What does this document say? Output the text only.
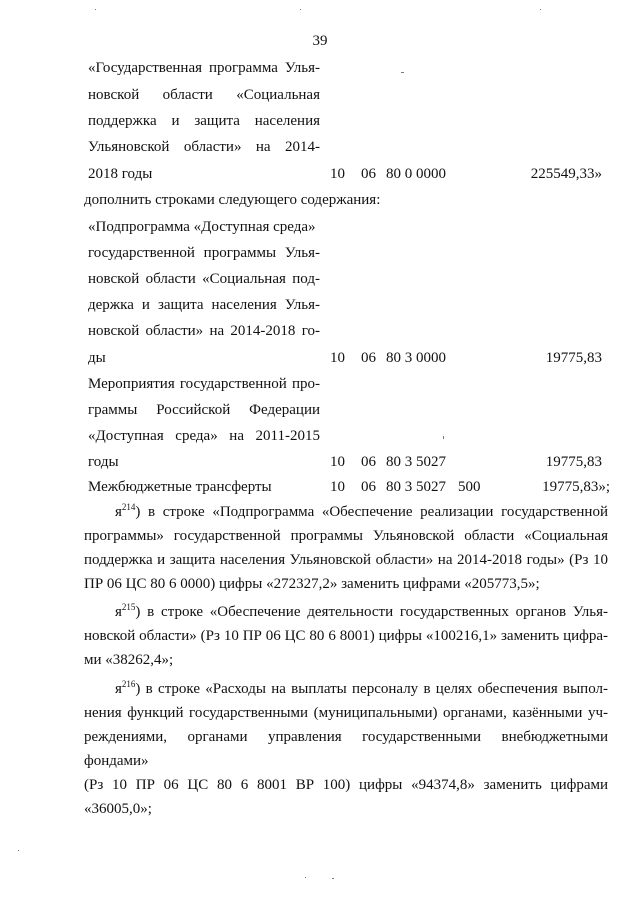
39
«Государственная программа Улья-
новской области «Социальная
поддержка и защита населения
Ульяновской области» на 2014-
2018 годы	10 06 80 0 0000	225549,33»
дополнить строками следующего содержания:
«Подпрограмма «Доступная среда»
государственной программы Улья-
новской области «Социальная под-
держка и защита населения Улья-
новской области» на 2014-2018 го-
ды	10 06 80 3 0000	19775,83
Мероприятия государственной про-
граммы Российской Федерации
«Доступная среда» на 2011-2015
годы	10 06 80 3 5027	19775,83
Межбюджетные трансферты	10 06 80 3 5027 500	19775,83»;
$я^{214}$) в строке «Подпрограмма «Обеспечение реализации государственной
программы» государственной программы Ульяновской области «Социальная
поддержка и защита населения Ульяновской области» на 2014-2018 годы» (Рз 10
ПР 06 ЦС 80 6 0000) цифры «272327,2» заменить цифрами «205773,5»;
$я^{215}$) в строке «Обеспечение деятельности государственных органов Улья-
новской области» (Рз 10 ПР 06 ЦС 80 6 8001) цифры «100216,1» заменить цифра-
ми «38262,4»;
$я^{216}$) в строке «Расходы на выплаты персоналу в целях обеспечения выпол-
нения функций государственными (муниципальными) органами, казёнными уч-
реждениями, органами управления государственными внебюджетными фондами»
(Рз 10 ПР 06 ЦС 80 6 8001 ВР 100) цифры «94374,8» заменить цифрами «36005,0»;
